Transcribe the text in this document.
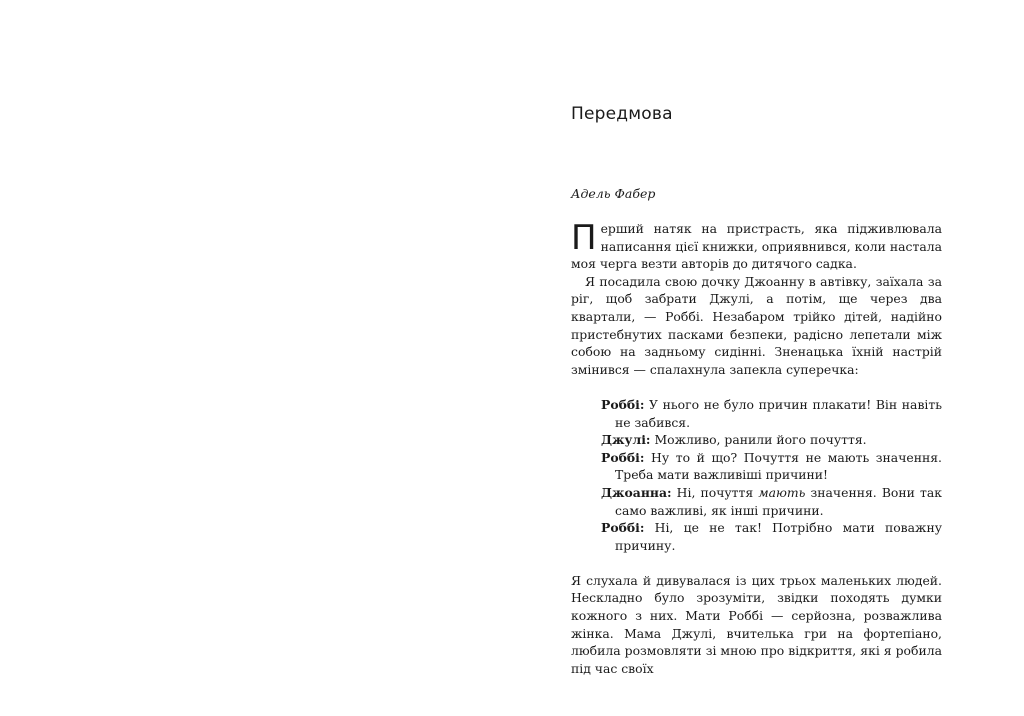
Передмова

Адель Фабер

Перший натяк на пристрасть, яка підживлювала написання цієї книжки, оприявнився, коли настала моя черга везти авторів до дитячого садка.

Я посадила свою дочку Джоанну в автівку, заїхала за ріг, щоб забрати Джулі, а потім, ще через два квартали, — Роббі. Незабаром трійко дітей, надійно пристебнутих пасками безпеки, радісно лепетали між собою на задньому сидінні. Зненацька їхній настрій змінився — спалахнула запекла суперечка:

Роббі: У нього не було причин плакати! Він навіть не забився.
Джулі: Можливо, ранили його почуття.
Роббі: Ну то й що? Почуття не мають значення. Треба мати важливіші причини!
Джоанна: Ні, почуття мають значення. Вони так само важливі, як інші причини.
Роббі: Ні, це не так! Потрібно мати поважну причину.

Я слухала й дивувалася із цих трьох маленьких людей. Нескладно було зрозуміти, звідки походять думки кожного з них. Мати Роббі — серйозна, розважлива жінка. Мама Джулі, вчителька гри на фортепіано, любила розмовляти зі мною про відкриття, які я робила під час своїх
